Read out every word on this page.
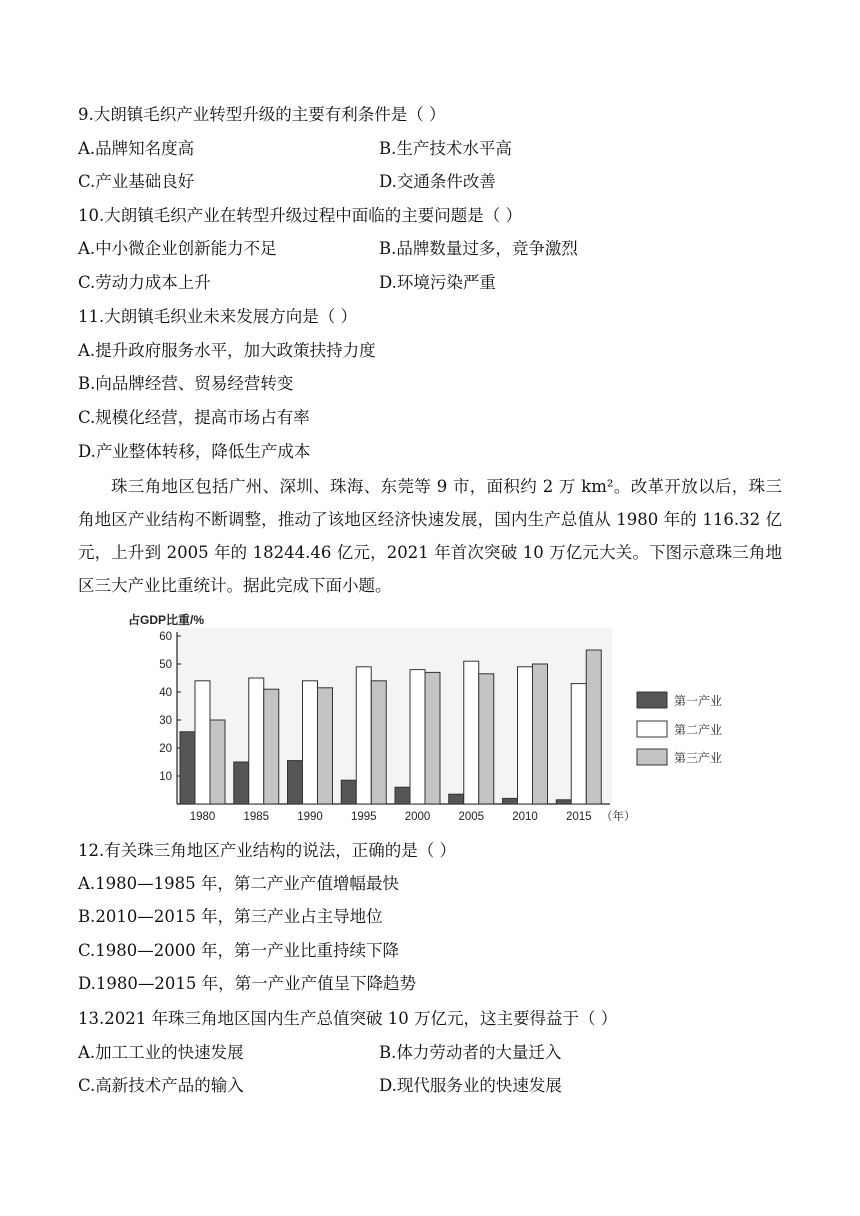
9.大朗镇毛织产业转型升级的主要有利条件是（ ）
A.品牌知名度高	B.生产技术水平高
C.产业基础良好	D.交通条件改善
10.大朗镇毛织产业在转型升级过程中面临的主要问题是（ ）
A.中小微企业创新能力不足	B.品牌数量过多，竞争激烈
C.劳动力成本上升	D.环境污染严重
11.大朗镇毛织业未来发展方向是（ ）
A.提升政府服务水平，加大政策扶持力度
B.向品牌经营、贸易经营转变
C.规模化经营，提高市场占有率
D.产业整体转移，降低生产成本
珠三角地区包括广州、深圳、珠海、东莞等 9 市，面积约 2 万 km²。改革开放以后，珠三角地区产业结构不断调整，推动了该地区经济快速发展，国内生产总值从 1980 年的 116.32 亿元，上升到 2005 年的 18244.46 亿元，2021 年首次突破 10 万亿元大关。下图示意珠三角地区三大产业比重统计。据此完成下面小题。
占GDP比重/%
10
20
30
40
50
60
1980 1985 1990 1995 2000 2005 2010 2015 （年）
第一产业
第二产业
第三产业
12.有关珠三角地区产业结构的说法，正确的是（ ）
A.1980—1985 年，第二产业产值增幅最快
B.2010—2015 年，第三产业占主导地位
C.1980—2000 年，第一产业比重持续下降
D.1980—2015 年，第一产业产值呈下降趋势
13.2021 年珠三角地区国内生产总值突破 10 万亿元，这主要得益于（ ）
A.加工工业的快速发展	B.体力劳动者的大量迁入
C.高新技术产品的输入	D.现代服务业的快速发展
